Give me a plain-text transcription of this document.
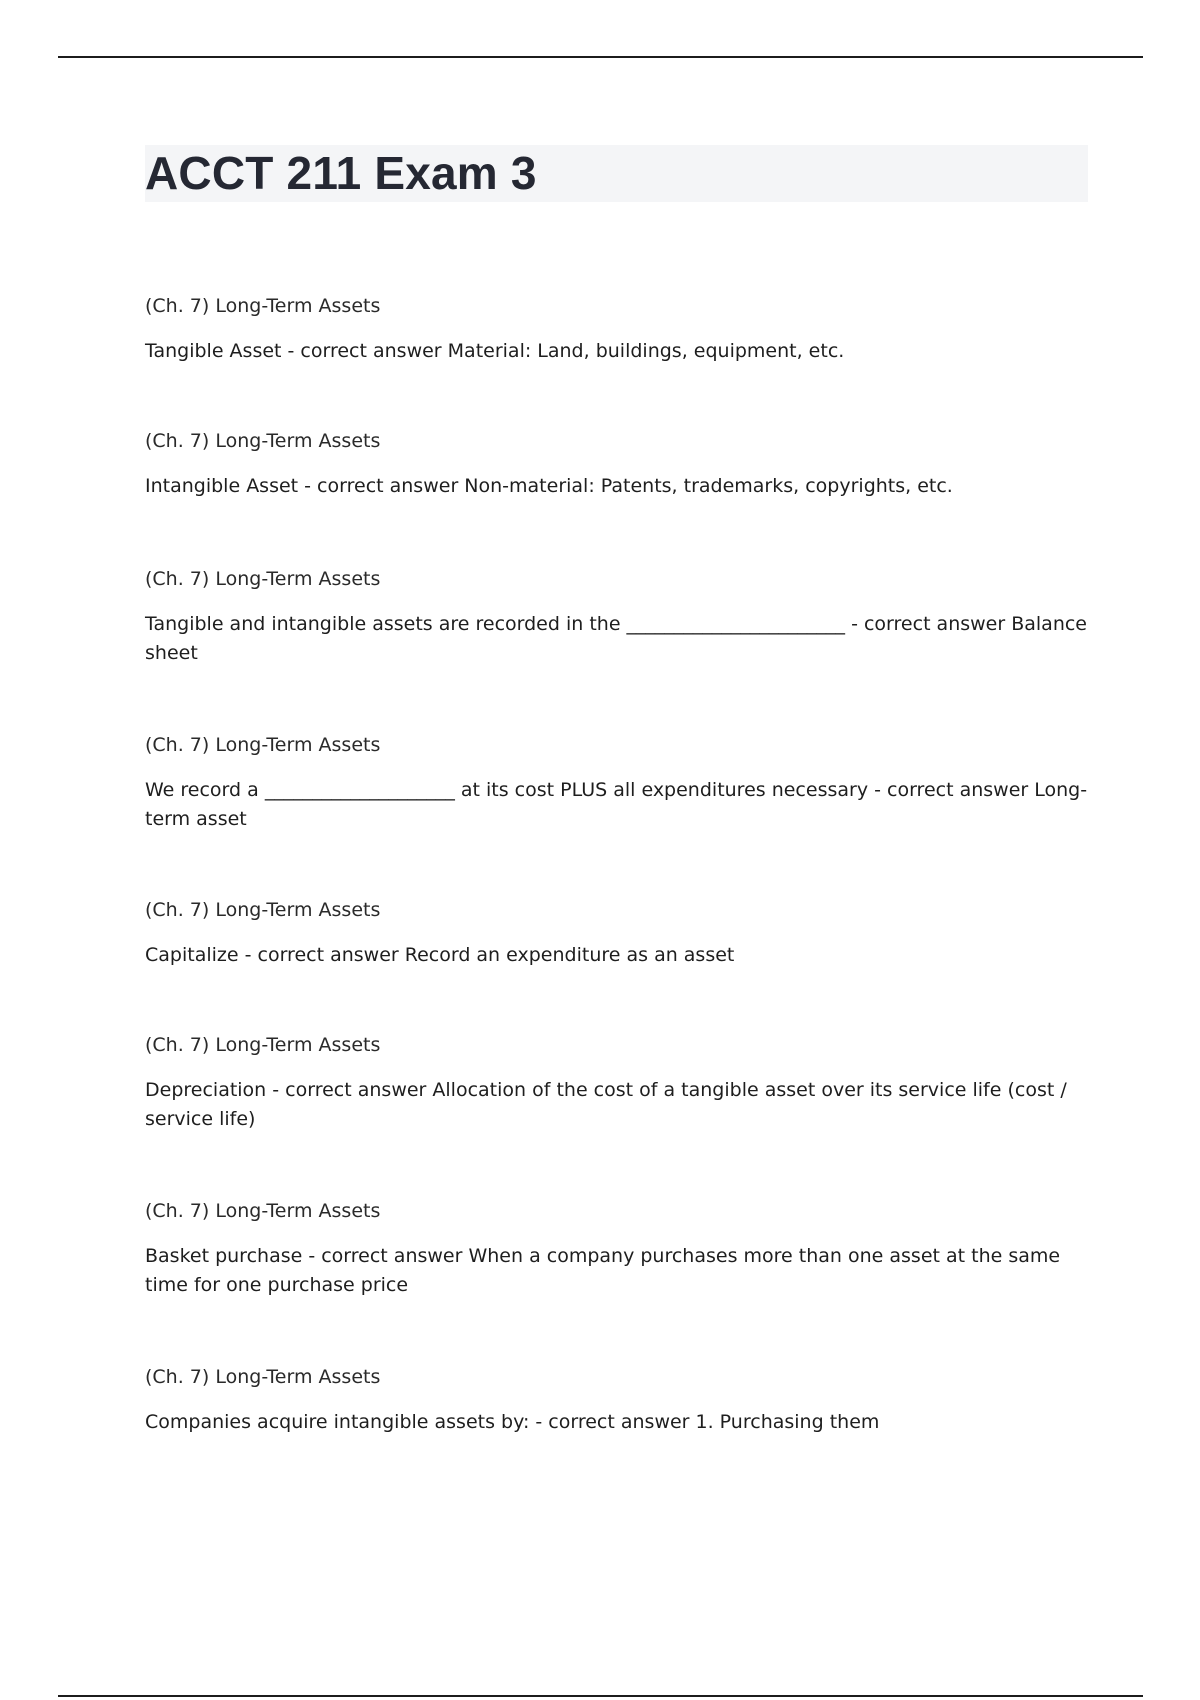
ACCT 211 Exam 3

(Ch. 7) Long-Term Assets

Tangible Asset - correct answer Material: Land, buildings, equipment, etc.

(Ch. 7) Long-Term Assets

Intangible Asset - correct answer Non-material: Patents, trademarks, copyrights, etc.

(Ch. 7) Long-Term Assets

Tangible and intangible assets are recorded in the _______________________ - correct answer Balance sheet

(Ch. 7) Long-Term Assets

We record a ____________________ at its cost PLUS all expenditures necessary - correct answer Long-term asset

(Ch. 7) Long-Term Assets

Capitalize - correct answer Record an expenditure as an asset

(Ch. 7) Long-Term Assets

Depreciation - correct answer Allocation of the cost of a tangible asset over its service life (cost / service life)

(Ch. 7) Long-Term Assets

Basket purchase - correct answer When a company purchases more than one asset at the same time for one purchase price

(Ch. 7) Long-Term Assets

Companies acquire intangible assets by: - correct answer 1. Purchasing them
